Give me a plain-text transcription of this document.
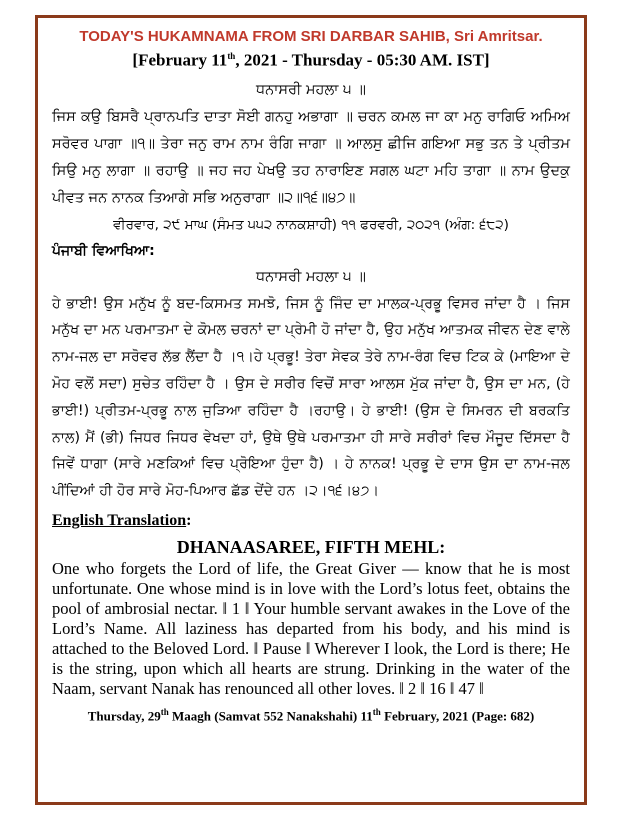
TODAY'S HUKAMNAMA FROM SRI DARBAR SAHIB, Sri Amritsar.
[February 11th, 2021 - Thursday - 05:30 AM. IST]
ਧਨਾਸਰੀ ਮਹਲਾ ੫ ॥
ਜਿਸ ਕਉ ਬਿਸਰੈ ਪ੍ਰਾਨਪਤਿ ਦਾਤਾ ਸੋਈ ਗਨਹੁ ਅਭਾਗਾ ॥ ਚਰਨ ਕਮਲ ਜਾ ਕਾ ਮਨੁ ਰਾਗਿਓ ਅਮਿਅ ਸਰੋਵਰ ਪਾਗਾ ॥੧॥ ਤੇਰਾ ਜਨੁ ਰਾਮ ਨਾਮ ਰੰਗਿ ਜਾਗਾ ॥ ਆਲਸੁ ਛੀਜਿ ਗਇਆ ਸਭੁ ਤਨ ਤੇ ਪ੍ਰੀਤਮ ਸਿਉ ਮਨੁ ਲਾਗਾ ॥ ਰਹਾਉ ॥ ਜਹ ਜਹ ਪੇਖਉ ਤਹ ਨਾਰਾਇਣ ਸਗਲ ਘਟਾ ਮਹਿ ਤਾਗਾ ॥ ਨਾਮ ਉਦਕੁ ਪੀਵਤ ਜਨ ਨਾਨਕ ਤਿਆਗੇ ਸਭਿ ਅਨੁਰਾਗਾ ॥੨॥੧੬॥੪੭॥
ਵੀਰਵਾਰ, ੨੯ ਮਾਘ (ਸੰਮਤ ੫੫੨ ਨਾਨਕਸ਼ਾਹੀ) ੧੧ ਫਰਵਰੀ, ੨੦੨੧ (ਅੰਗ: ੬੮੨)
ਪੰਜਾਬੀ ਵਿਆਖਿਆ:
ਧਨਾਸਰੀ ਮਹਲਾ ੫ ॥
ਹੇ ਭਾਈ! ਉਸ ਮਨੁੱਖ ਨੂੰ ਬਦ-ਕਿਸਮਤ ਸਮਝੋ, ਜਿਸ ਨੂੰ ਜਿੰਦ ਦਾ ਮਾਲਕ-ਪ੍ਰਭੂ ਵਿਸਰ ਜਾਂਦਾ ਹੈ । ਜਿਸ ਮਨੁੱਖ ਦਾ ਮਨ ਪਰਮਾਤਮਾ ਦੇ ਕੋਮਲ ਚਰਨਾਂ ਦਾ ਪ੍ਰੇਮੀ ਹੋ ਜਾਂਦਾ ਹੈ, ਉਹ ਮਨੁੱਖ ਆਤਮਕ ਜੀਵਨ ਦੇਣ ਵਾਲੇ ਨਾਮ-ਜਲ ਦਾ ਸਰੋਵਰ ਲੱਭ ਲੈਂਦਾ ਹੈ ।੧।ਹੇ ਪ੍ਰਭੂ! ਤੇਰਾ ਸੇਵਕ ਤੇਰੇ ਨਾਮ-ਰੰਗ ਵਿਚ ਟਿਕ ਕੇ (ਮਾਇਆ ਦੇ ਮੋਹ ਵਲੋਂ ਸਦਾ) ਸੁਚੇਤ ਰਹਿੰਦਾ ਹੈ । ਉਸ ਦੇ ਸਰੀਰ ਵਿਚੋਂ ਸਾਰਾ ਆਲਸ ਮੁੱਕ ਜਾਂਦਾ ਹੈ, ਉਸ ਦਾ ਮਨ, (ਹੇ ਭਾਈ!) ਪ੍ਰੀਤਮ-ਪ੍ਰਭੂ ਨਾਲ ਜੁੜਿਆ ਰਹਿੰਦਾ ਹੈ ।ਰਹਾਉ। ਹੇ ਭਾਈ! (ਉਸ ਦੇ ਸਿਮਰਨ ਦੀ ਬਰਕਤਿ ਨਾਲ) ਮੈਂ (ਭੀ) ਜਿਧਰ ਜਿਧਰ ਵੇਖਦਾ ਹਾਂ, ਉਥੇ ਉਥੇ ਪਰਮਾਤਮਾ ਹੀ ਸਾਰੇ ਸਰੀਰਾਂ ਵਿਚ ਮੌਜੂਦ ਦਿੱਸਦਾ ਹੈ ਜਿਵੇਂ ਧਾਗਾ (ਸਾਰੇ ਮਣਕਿਆਂ ਵਿਚ ਪ੍ਰੋਇਆ ਹੁੰਦਾ ਹੈ) । ਹੇ ਨਾਨਕ! ਪ੍ਰਭੂ ਦੇ ਦਾਸ ਉਸ ਦਾ ਨਾਮ-ਜਲ ਪੀਂਦਿਆਂ ਹੀ ਹੋਰ ਸਾਰੇ ਮੋਹ-ਪਿਆਰ ਛੱਡ ਦੇਂਦੇ ਹਨ ।੨।੧੬।੪੭।
English Translation:
DHANAASAREE, FIFTH MEHL:
One who forgets the Lord of life, the Great Giver — know that he is most unfortunate. One whose mind is in love with the Lord’s lotus feet, obtains the pool of ambrosial nectar. ‖ 1 ‖ Your humble servant awakes in the Love of the Lord’s Name. All laziness has departed from his body, and his mind is attached to the Beloved Lord. ‖ Pause ‖ Wherever I look, the Lord is there; He is the string, upon which all hearts are strung. Drinking in the water of the Naam, servant Nanak has renounced all other loves. ‖ 2 ‖ 16 ‖ 47 ‖
Thursday, 29th Maagh (Samvat 552 Nanakshahi) 11th February, 2021 (Page: 682)
